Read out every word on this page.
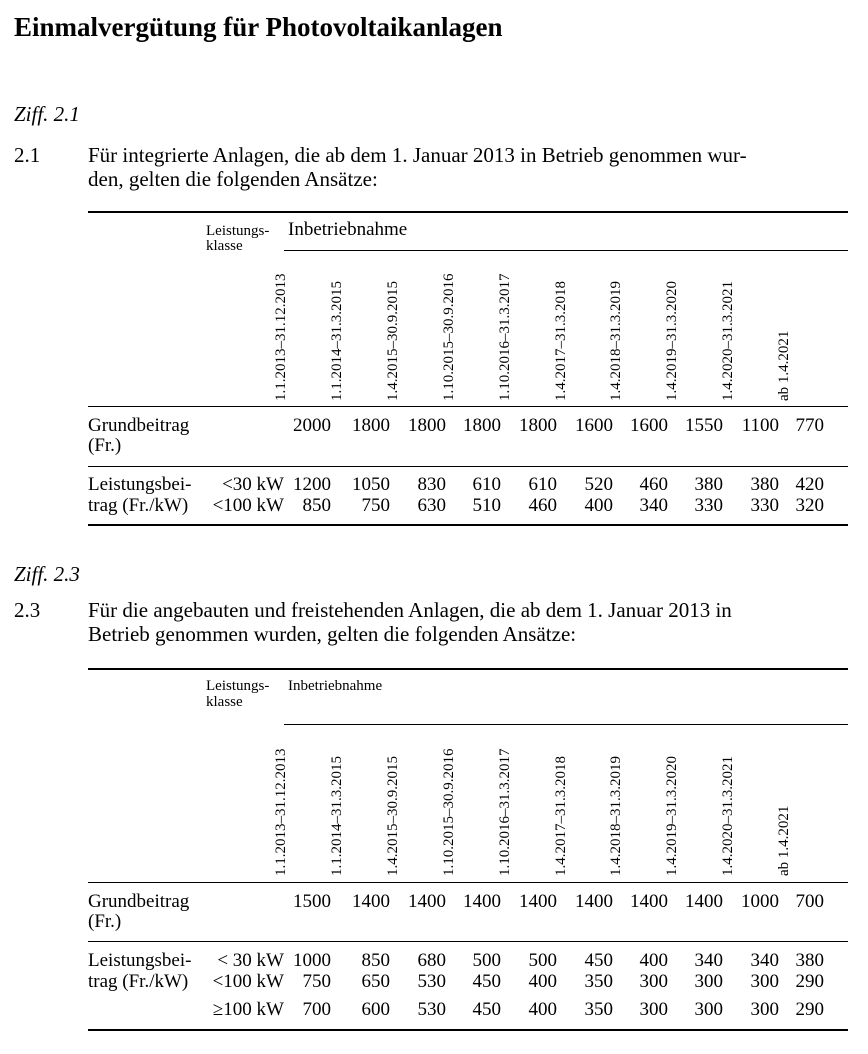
Einmalvergütung für Photovoltaikanlagen
Ziff. 2.1
2.1 Für integrierte Anlagen, die ab dem 1. Januar 2013 in Betrieb genommen wur-
den, gelten die folgenden Ansätze:
Leistungs-
klasse
Inbetriebnahme
1.1.2013–31.12.2013	1.1.2014–31.3.2015	1.4.2015–30.9.2015	1.10.2015–30.9.2016	1.10.2016–31.3.2017	1.4.2017–31.3.2018	1.4.2018–31.3.2019	1.4.2019–31.3.2020	1.4.2020–31.3.2021	ab 1.4.2021
Grundbeitrag
(Fr.)
2000	1800 1800 1800 1800 1600 1600 1550 1100 770
Leistungsbei-
trag (Fr./kW)
<30 kW 1200	1050	830	610	610	520	460	380	380 420
<100 kW 850	750	630	510	460	400	340	330	330 320
Ziff. 2.3
2.3 Für die angebauten und freistehenden Anlagen, die ab dem 1. Januar 2013 in
Betrieb genommen wurden, gelten die folgenden Ansätze:
Leistungs-
klasse
Inbetriebnahme
1.1.2013–31.12.2013	1.1.2014–31.3.2015	1.4.2015–30.9.2015	1.10.2015–30.9.2016	1.10.2016–31.3.2017	1.4.2017–31.3.2018	1.4.2018–31.3.2019	1.4.2019–31.3.2020	1.4.2020–31.3.2021	ab 1.4.2021
Grundbeitrag
(Fr.)
1500	1400 1400 1400 1400 1400 1400 1400 1000 700
Leistungsbei-
trag (Fr./kW)
< 30 kW 1000	850	680	500	500	450	400	340	340 380
<100 kW 750	650	530	450	400	350	300	300	300 290
≥100 kW 700	600	530	450	400	350	300	300	300 290
